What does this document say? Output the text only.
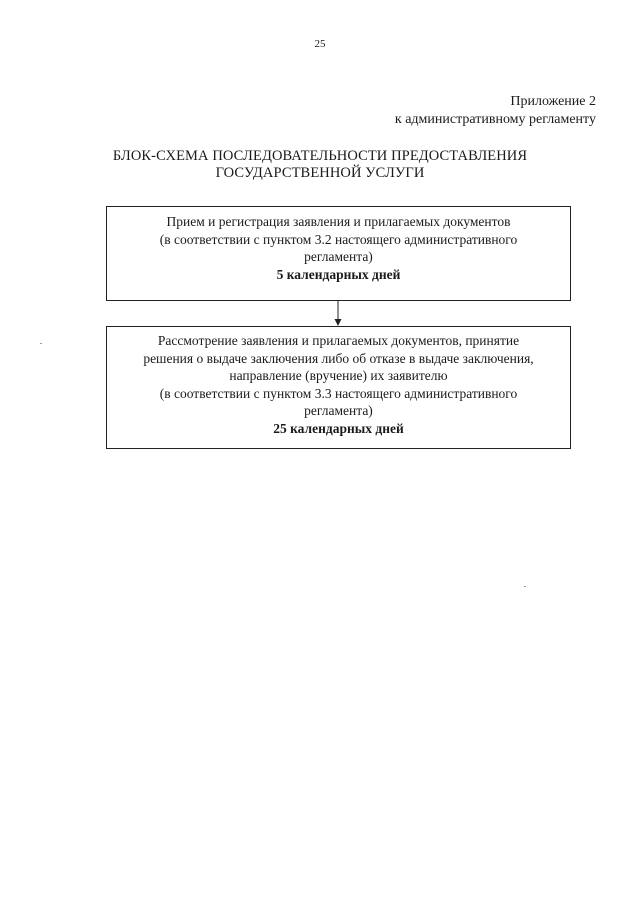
25
Приложение 2
к административному регламенту
БЛОК-СХЕМА ПОСЛЕДОВАТЕЛЬНОСТИ ПРЕДОСТАВЛЕНИЯ
ГОСУДАРСТВЕННОЙ УСЛУГИ
Прием и регистрация заявления и прилагаемых документов
(в соответствии с пунктом 3.2 настоящего административного
регламента)
5 календарных дней
Рассмотрение заявления и прилагаемых документов, принятие
решения о выдаче заключения либо об отказе в выдаче заключения,
направление (вручение) их заявителю
(в соответствии с пунктом 3.3 настоящего административного
регламента)
25 календарных дней
